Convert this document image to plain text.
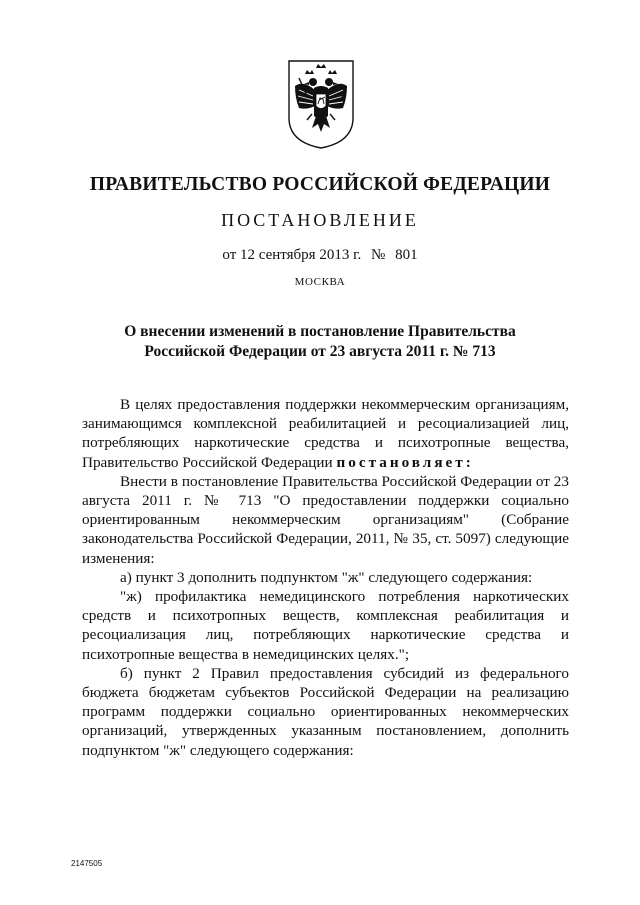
ПРАВИТЕЛЬСТВО РОССИЙСКОЙ ФЕДЕРАЦИИ
ПОСТАНОВЛЕНИЕ
от 12 сентября 2013 г. № 801
МОСКВА
О внесении изменений в постановление Правительства
Российской Федерации от 23 августа 2011 г. № 713

В целях предоставления поддержки некоммерческим организациям, занимающимся комплексной реабилитацией и ресоциализацией лиц, потребляющих наркотические средства и психотропные вещества, Правительство Российской Федерации постановляет:

Внести в постановление Правительства Российской Федерации от 23 августа 2011 г. № 713 "О предоставлении поддержки социально ориентированным некоммерческим организациям" (Собрание законодательства Российской Федерации, 2011, № 35, ст. 5097) следующие изменения:

а) пункт 3 дополнить подпунктом "ж" следующего содержания:

"ж) профилактика немедицинского потребления наркотических средств и психотропных веществ, комплексная реабилитация и ресоциализация лиц, потребляющих наркотические средства и психотропные вещества в немедицинских целях.";

б) пункт 2 Правил предоставления субсидий из федерального бюджета бюджетам субъектов Российской Федерации на реализацию программ поддержки социально ориентированных некоммерческих организаций, утвержденных указанным постановлением, дополнить подпунктом "ж" следующего содержания:

2147505
